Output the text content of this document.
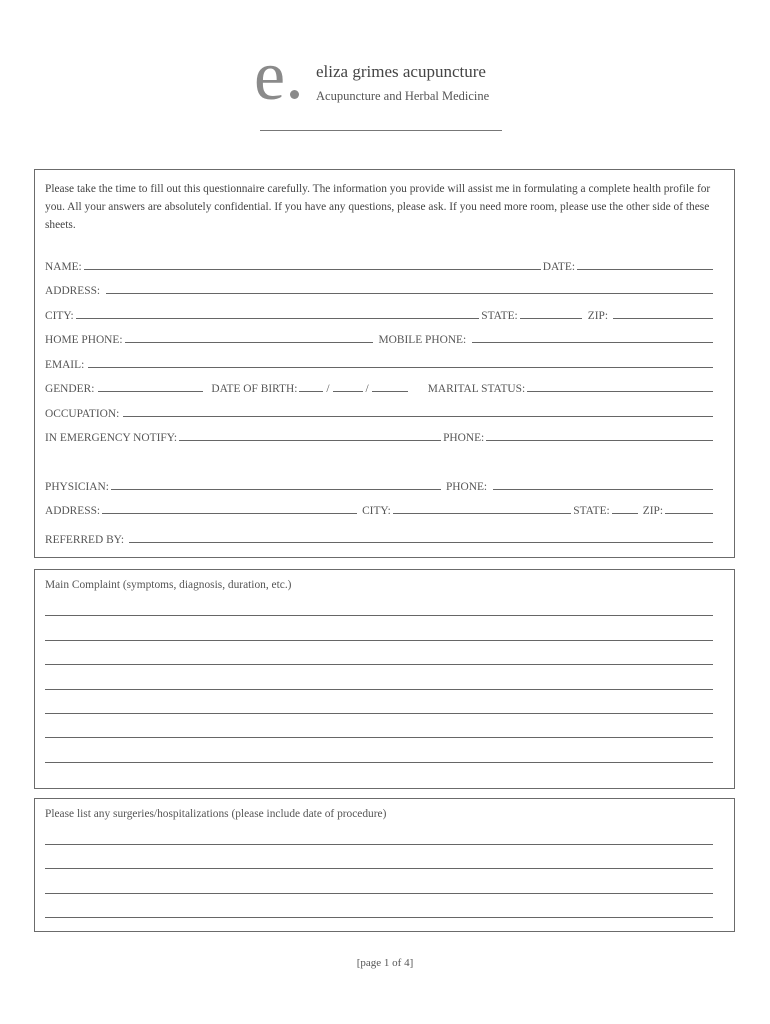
e eliza grimes acupuncture
Acupuncture and Herbal Medicine
Please take the time to fill out this questionnaire carefully. The information you provide will assist me in formulating a complete health profile for you. All your answers are absolutely confidential. If you have any questions, please ask. If you need more room, please use the other side of these sheets.
NAME:	DATE:
ADDRESS:
CITY:	STATE:	ZIP:
HOME PHONE:	MOBILE PHONE:
EMAIL:
GENDER:	DATE OF BIRTH:	/	/	MARITAL STATUS:
OCCUPATION:
IN EMERGENCY NOTIFY:	PHONE:
PHYSICIAN:	PHONE:
ADDRESS:	CITY:	STATE:	ZIP:
REFERRED BY:
Main Complaint (symptoms, diagnosis, duration, etc.)
Please list any surgeries/hospitalizations (please include date of procedure)
[page 1 of 4]
